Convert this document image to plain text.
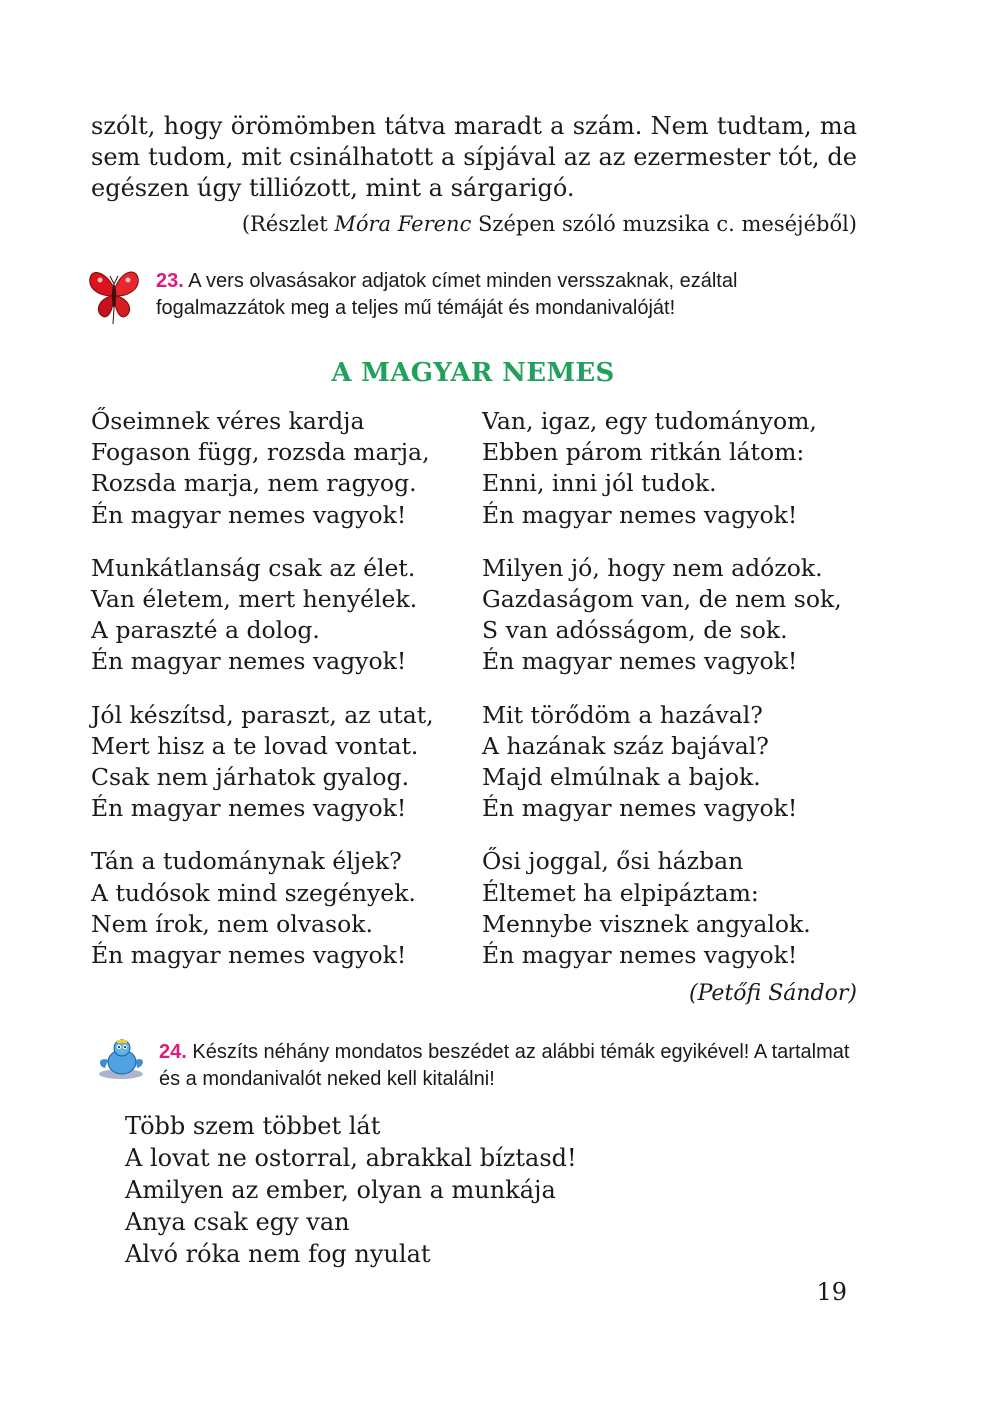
szólt, hogy örömömben tátva maradt a szám. Nem tudtam, ma
sem tudom, mit csinálhatott a sípjával az az ezermester tót, de
egészen úgy tilliózott, mint a sárgarigó.
(Részlet Móra Ferenc Szépen szóló muzsika c. meséjéből)
23. A vers olvasásakor adjatok címet minden versszaknak, ezáltal fogalmazzátok meg a teljes mű témáját és mondanivalóját!
A MAGYAR NEMES
Őseimnek véres kardja
Fogason függ, rozsda marja,
Rozsda marja, nem ragyog.
Én magyar nemes vagyok!
Munkátlanság csak az élet.
Van életem, mert henyélek.
A paraszté a dolog.
Én magyar nemes vagyok!
Jól készítsd, paraszt, az utat,
Mert hisz a te lovad vontat.
Csak nem járhatok gyalog.
Én magyar nemes vagyok!
Tán a tudománynak éljek?
A tudósok mind szegények.
Nem írok, nem olvasok.
Én magyar nemes vagyok!
Van, igaz, egy tudományom,
Ebben párom ritkán látom:
Enni, inni jól tudok.
Én magyar nemes vagyok!
Milyen jó, hogy nem adózok.
Gazdaságom van, de nem sok,
S van adósságom, de sok.
Én magyar nemes vagyok!
Mit törődöm a hazával?
A hazának száz bajával?
Majd elmúlnak a bajok.
Én magyar nemes vagyok!
Ősi joggal, ősi házban
Éltemet ha elpipáztam:
Mennybe visznek angyalok.
Én magyar nemes vagyok!
(Petőfi Sándor)
24. Készíts néhány mondatos beszédet az alábbi témák egyikével! A tartalmat és a mondanivalót neked kell kitalálni!
Több szem többet lát
A lovat ne ostorral, abrakkal bíztasd!
Amilyen az ember, olyan a munkája
Anya csak egy van
Alvó róka nem fog nyulat
19
